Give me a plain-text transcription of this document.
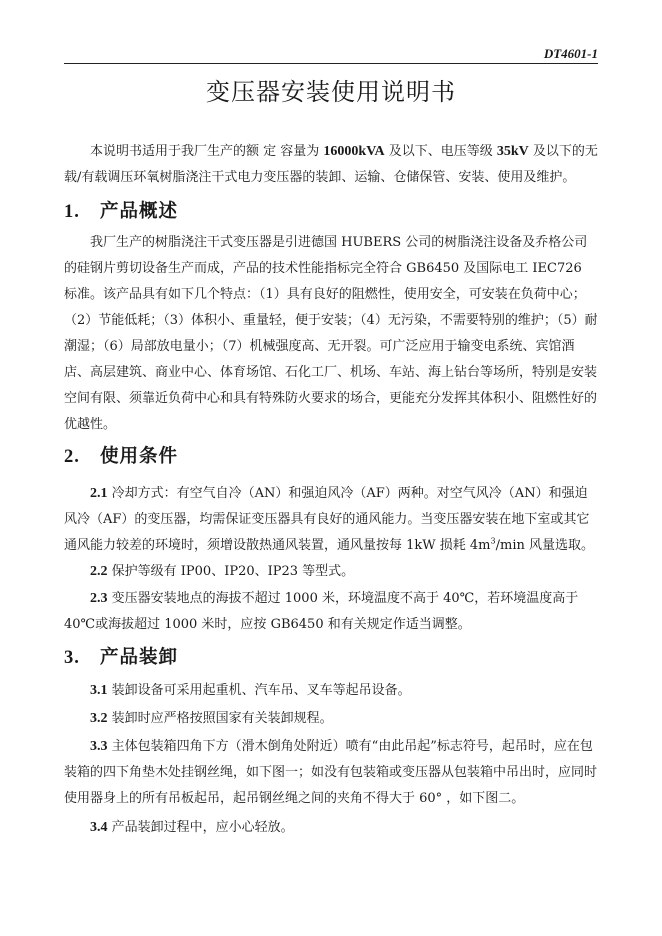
DT4601-1
变压器安装使用说明书

本说明书适用于我厂生产的额 定 容量为 16000kVA 及以下、电压等级 35kV 及以下的无载/有载调压环氧树脂浇注干式电力变压器的装卸、运输、仓储保管、安装、使用及维护。

1. 产品概述

我厂生产的树脂浇注干式变压器是引进德国 HUBERS 公司的树脂浇注设备及乔格公司的硅钢片剪切设备生产而成，产品的技术性能指标完全符合 GB6450 及国际电工 IEC726 标准。该产品具有如下几个特点：（1）具有良好的阻燃性，使用安全，可安装在负荷中心；（2）节能低耗；（3）体积小、重量轻，便于安装；（4）无污染，不需要特别的维护；（5）耐潮湿；（6）局部放电量小；（7）机械强度高、无开裂。可广泛应用于输变电系统、宾馆酒店、高层建筑、商业中心、体育场馆、石化工厂、机场、车站、海上钻台等场所，特别是安装空间有限、须靠近负荷中心和具有特殊防火要求的场合，更能充分发挥其体积小、阻燃性好的优越性。

2. 使用条件

2.1 冷却方式：有空气自冷（AN）和强迫风冷（AF）两种。对空气风冷（AN）和强迫风冷（AF）的变压器，均需保证变压器具有良好的通风能力。当变压器安装在地下室或其它通风能力较差的环境时，须增设散热通风装置，通风量按每 1kW 损耗 $4m^3/\min$ 风量选取。

2.2 保护等级有 IP00、IP20、IP23 等型式。

2.3 变压器安装地点的海拔不超过 1000 米，环境温度不高于 40℃，若环境温度高于 40℃或海拔超过 1000 米时，应按 GB6450 和有关规定作适当调整。

3. 产品装卸

3.1 装卸设备可采用起重机、汽车吊、叉车等起吊设备。

3.2 装卸时应严格按照国家有关装卸规程。

3.3 主体包装箱四角下方（滑木倒角处附近）喷有“由此吊起”标志符号，起吊时，应在包装箱的四下角垫木处挂钢丝绳，如下图一；如没有包装箱或变压器从包装箱中吊出时，应同时使用器身上的所有吊板起吊，起吊钢丝绳之间的夹角不得大于 60° ，如下图二。

3.4 产品装卸过程中，应小心轻放。
